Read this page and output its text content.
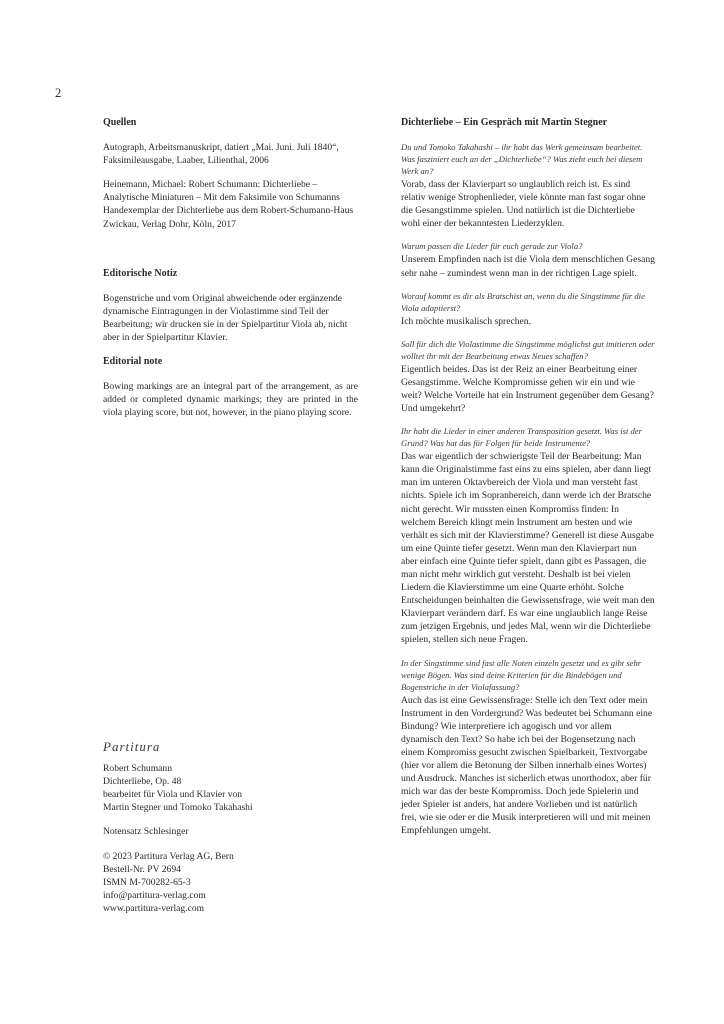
2
Quellen
Autograph, Arbeitsmanuskript, datiert „Mai. Juni. Juli 1840“, Faksimileausgabe, Laaber, Lilienthal, 2006
Heinemann, Michael: Robert Schumann: Dichterliebe – Analytische Miniaturen – Mit dem Faksimile von Schumanns Handexemplar der Dichterliebe aus dem Robert-Schumann-Haus Zwickau, Verlag Dohr, Köln, 2017
Editorische Notiz
Bogenstriche und vom Original abweichende oder ergänzende dynamische Eintragungen in der Violastimme sind Teil der Bearbeitung; wir drucken sie in der Spielpartitur Viola ab, nicht aber in der Spielpartitur Klavier.
Editorial note
Bowing markings are an integral part of the arrangement, as are added or completed dynamic markings; they are printed in the viola playing score, but not, however, in the piano playing score.
Partitura
Robert Schumann
Dichterliebe, Op. 48
bearbeitet für Viola und Klavier von
Martin Stegner und Tomoko Takahashi
Notensatz Schlesinger
© 2023 Partitura Verlag AG, Bern
Bestell-Nr. PV 2694
ISMN M-700282-65-3
info@partitura-verlag.com
www.partitura-verlag.com
Dichterliebe – Ein Gespräch mit Martin Stegner
Du und Tomoko Takahashi – ihr habt das Werk gemeinsam bearbeitet. Was fasziniert euch an der „Dichterliebe“? Was zieht euch bei diesem Werk an?
Vorab, dass der Klavierpart so unglaublich reich ist. Es sind relativ wenige Strophenlieder, viele könnte man fast sogar ohne die Gesangstimme spielen. Und natürlich ist die Dichterliebe wohl einer der bekanntesten Liederzyklen.
Warum passen die Lieder für euch gerade zur Viola?
Unserem Empfinden nach ist die Viola dem menschlichen Gesang sehr nahe – zumindest wenn man in der richtigen Lage spielt.
Worauf kommt es dir als Bratschist an, wenn du die Singstimme für die Viola adaptierst?
Ich möchte musikalisch sprechen.
Soll für dich die Violastimme die Singstimme möglichst gut imitieren oder wolltet ihr mit der Bearbeitung etwas Neues schaffen?
Eigentlich beides. Das ist der Reiz an einer Bearbeitung einer Gesangstimme. Welche Kompromisse gehen wir ein und wie weit? Welche Vorteile hat ein Instrument gegenüber dem Gesang? Und umgekehrt?
Ihr habt die Lieder in einer anderen Transposition gesetzt. Was ist der Grund? Was hat das für Folgen für beide Instrumente?
Das war eigentlich der schwierigste Teil der Bearbeitung: Man kann die Originalstimme fast eins zu eins spielen, aber dann liegt man im unteren Oktavbereich der Viola und man versteht fast nichts. Spiele ich im Sopranbereich, dann werde ich der Bratsche nicht gerecht. Wir mussten einen Kompromiss finden: In welchem Bereich klingt mein Instrument am besten und wie verhält es sich mit der Klavierstimme? Generell ist diese Ausgabe um eine Quinte tiefer gesetzt. Wenn man den Klavierpart nun aber einfach eine Quinte tiefer spielt, dann gibt es Passagen, die man nicht mehr wirklich gut versteht. Deshalb ist bei vielen Liedern die Klavierstimme um eine Quarte erhöht. Solche Entscheidungen beinhalten die Gewissensfrage, wie weit man den Klavierpart verändern darf. Es war eine unglaublich lange Reise zum jetzigen Ergebnis, und jedes Mal, wenn wir die Dichterliebe spielen, stellen sich neue Fragen.
In der Singstimme sind fast alle Noten einzeln gesetzt und es gibt sehr wenige Bögen. Was sind deine Kriterien für die Bindebögen und Bogenstriche in der Violafassung?
Auch das ist eine Gewissensfrage: Stelle ich den Text oder mein Instrument in den Vordergrund? Was bedeutet bei Schumann eine Bindung? Wie interpretiere ich agogisch und vor allem dynamisch den Text? So habe ich bei der Bogensetzung nach einem Kompromiss gesucht zwischen Spielbarkeit, Textvorgabe (hier vor allem die Betonung der Silben innerhalb eines Wortes) und Ausdruck. Manches ist sicherlich etwas unorthodox, aber für mich war das der beste Kompromiss. Doch jede Spielerin und jeder Spieler ist anders, hat andere Vorlieben und ist natürlich frei, wie sie oder er die Musik interpretieren will und mit meinen Empfehlungen umgeht.
